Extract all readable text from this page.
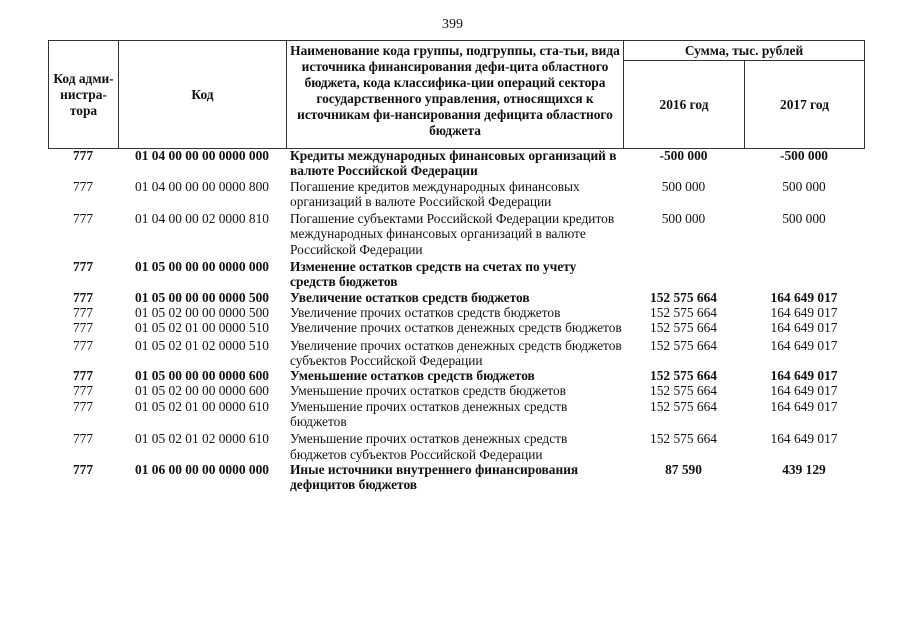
399
Код адми-нистра-тора	Код	Наименование кода группы, подгруппы, ста-тьи, вида источника финансирования дефи-цита областного бюджета, кода классифика-ции операций сектора государственного управления, относящихся к источникам фи-нансирования дефицита областного бюджета	Сумма, тыс. рублей	
			2016 год	2017 год
777	01 04 00 00 00 0000 000	Кредиты международных финансовых организаций в валюте Российской Федерации	-500 000	-500 000
777	01 04 00 00 00 0000 800	Погашение кредитов международных финансовых организаций в валюте Российской Федерации	500 000	500 000
777	01 04 00 00 02 0000 810	Погашение субъектами Российской Федерации кредитов международных финансовых организаций в валюте Российской Федерации	500 000	500 000
777	01 05 00 00 00 0000 000	Изменение остатков средств на счетах по учету средств бюджетов		
777	01 05 00 00 00 0000 500	Увеличение остатков средств бюджетов	152 575 664	164 649 017
777	01 05 02 00 00 0000 500	Увеличение прочих остатков средств бюджетов	152 575 664	164 649 017
777	01 05 02 01 00 0000 510	Увеличение прочих остатков денежных средств бюджетов	152 575 664	164 649 017
777	01 05 02 01 02 0000 510	Увеличение прочих остатков денежных средств бюджетов субъектов Российской Федерации	152 575 664	164 649 017
777	01 05 00 00 00 0000 600	Уменьшение остатков средств бюджетов	152 575 664	164 649 017
777	01 05 02 00 00 0000 600	Уменьшение прочих остатков средств бюджетов	152 575 664	164 649 017
777	01 05 02 01 00 0000 610	Уменьшение прочих остатков денежных средств бюджетов	152 575 664	164 649 017
777	01 05 02 01 02 0000 610	Уменьшение прочих остатков денежных средств бюджетов субъектов Российской Федерации	152 575 664	164 649 017
777	01 06 00 00 00 0000 000	Иные источники внутреннего финансирования дефицитов бюджетов	87 590	439 129
